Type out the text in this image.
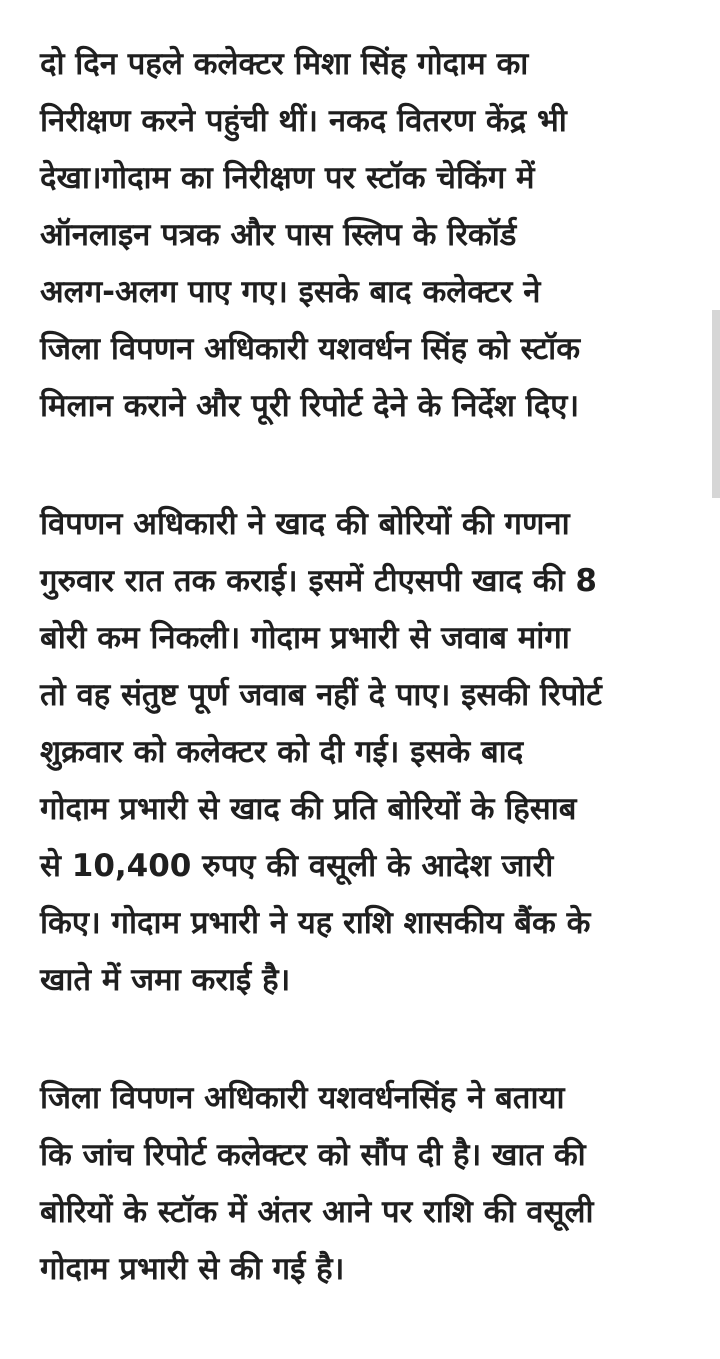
दो दिन पहले कलेक्टर मिशा सिंह गोदाम का
निरीक्षण करने पहुंची थीं। नकद वितरण केंद्र भी
देखा।गोदाम का निरीक्षण पर स्टॉक चेकिंग में
ऑनलाइन पत्रक और पास स्लिप के रिकॉर्ड
अलग-अलग पाए गए। इसके बाद कलेक्टर ने
जिला विपणन अधिकारी यशवर्धन सिंह को स्टॉक
मिलान कराने और पूरी रिपोर्ट देने के निर्देश दिए।
विपणन अधिकारी ने खाद की बोरियों की गणना
गुरुवार रात तक कराई। इसमें टीएसपी खाद की 8
बोरी कम निकली। गोदाम प्रभारी से जवाब मांगा
तो वह संतुष्ट पूर्ण जवाब नहीं दे पाए। इसकी रिपोर्ट
शुक्रवार को कलेक्टर को दी गई। इसके बाद
गोदाम प्रभारी से खाद की प्रति बोरियों के हिसाब
से 10,400 रुपए की वसूली के आदेश जारी
किए। गोदाम प्रभारी ने यह राशि शासकीय बैंक के
खाते में जमा कराई है।
जिला विपणन अधिकारी यशवर्धनसिंह ने बताया
कि जांच रिपोर्ट कलेक्टर को सौंप दी है। खात की
बोरियों के स्टॉक में अंतर आने पर राशि की वसूली
गोदाम प्रभारी से की गई है।
